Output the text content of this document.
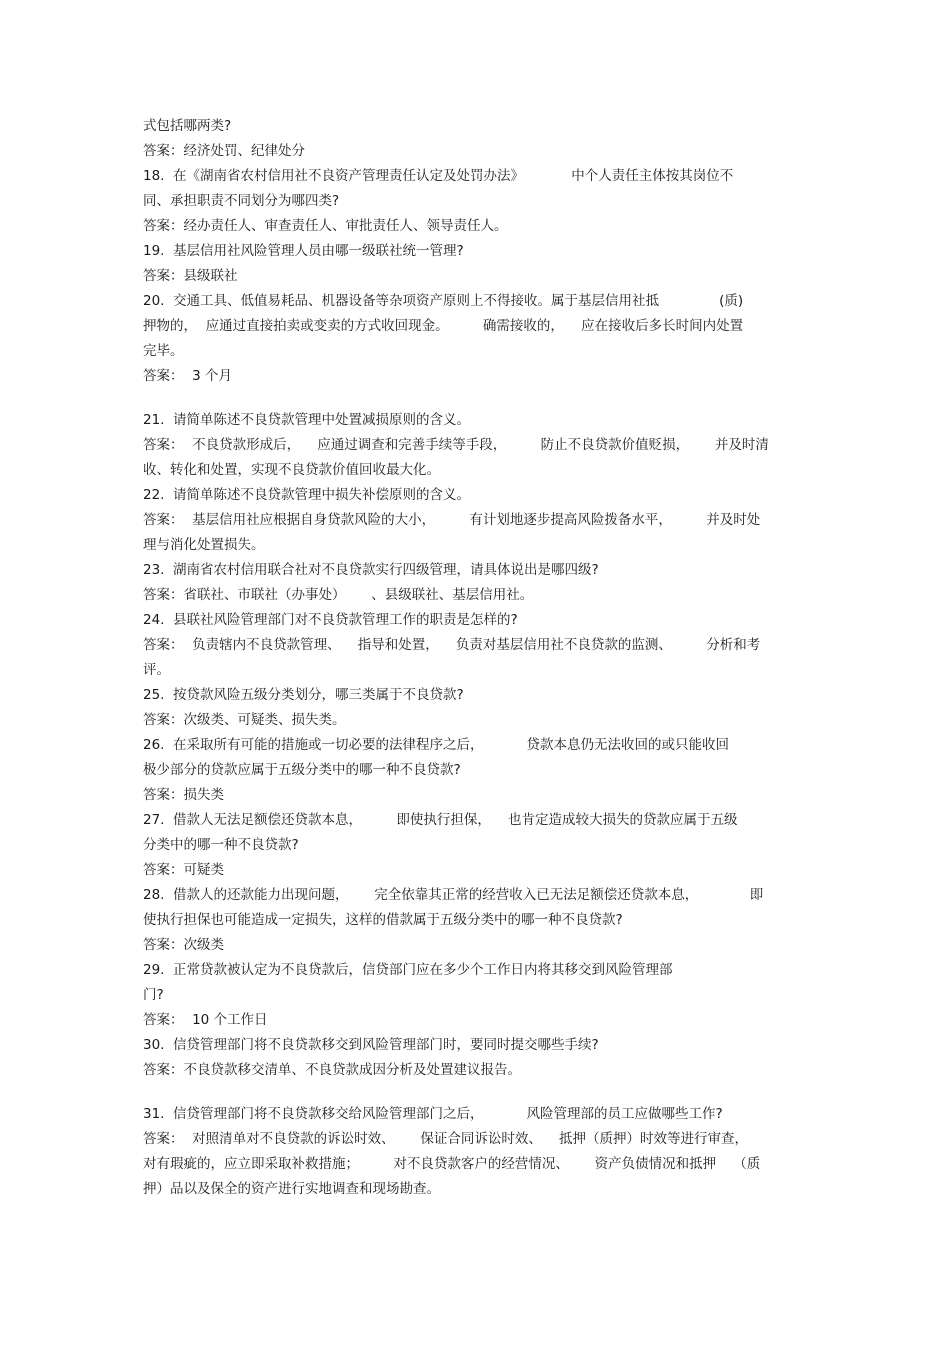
式包括哪两类?
答案：经济处罚、纪律处分
18.  在《湖南省农村信用社不良资产管理责任认定及处罚办法》           中个人责任主体按其岗位不
同、承担职责不同划分为哪四类?
答案：经办责任人、审查责任人、审批责任人、领导责任人。
19.  基层信用社风险管理人员由哪一级联社统一管理?
答案：县级联社
20.  交通工具、低值易耗品、机器设备等杂项资产原则上不得接收。属于基层信用社抵              (质)
押物的，  应通过直接拍卖或变卖的方式收回现金。        确需接收的，    应在接收后多长时间内处置
完毕。
答案：  3 个月
21.  请简单陈述不良贷款管理中处置减损原则的含义。
答案：  不良贷款形成后，    应通过调查和完善手续等手段，        防止不良贷款价值贬损，      并及时清
收、转化和处置，实现不良贷款价值回收最大化。
22.  请简单陈述不良贷款管理中损失补偿原则的含义。
答案：  基层信用社应根据自身贷款风险的大小，        有计划地逐步提高风险拨备水平，        并及时处
理与消化处置损失。
23.  湖南省农村信用联合社对不良贷款实行四级管理，请具体说出是哪四级?
答案：省联社、市联社（办事处）      、县级联社、基层信用社。
24.  县联社风险管理部门对不良贷款管理工作的职责是怎样的?
答案：  负责辖内不良贷款管理、    指导和处置，    负责对基层信用社不良贷款的监测、        分析和考
评。
25.  按贷款风险五级分类划分，哪三类属于不良贷款?
答案：次级类、可疑类、损失类。
26.  在采取所有可能的措施或一切必要的法律程序之后，          贷款本息仍无法收回的或只能收回
极少部分的贷款应属于五级分类中的哪一种不良贷款?
答案：损失类
27.  借款人无法足额偿还贷款本息，        即使执行担保，    也肯定造成较大损失的贷款应属于五级
分类中的哪一种不良贷款?
答案：可疑类
28.  借款人的还款能力出现问题，      完全依靠其正常的经营收入已无法足额偿还贷款本息，            即
使执行担保也可能造成一定损失，这样的借款属于五级分类中的哪一种不良贷款?
答案：次级类
29.  正常贷款被认定为不良贷款后，信贷部门应在多少个工作日内将其移交到风险管理部
门?
答案：  10 个工作日
30.  信贷管理部门将不良贷款移交到风险管理部门时，要同时提交哪些手续?
答案：不良贷款移交清单、不良贷款成因分析及处置建议报告。
31.  信贷管理部门将不良贷款移交给风险管理部门之后，          风险管理部的员工应做哪些工作?
答案：  对照清单对不良贷款的诉讼时效、      保证合同诉讼时效、    抵押（质押）时效等进行审查，
对有瑕疵的，应立即采取补救措施；        对不良贷款客户的经营情况、      资产负债情况和抵押    （质
押）品以及保全的资产进行实地调查和现场勘查。
